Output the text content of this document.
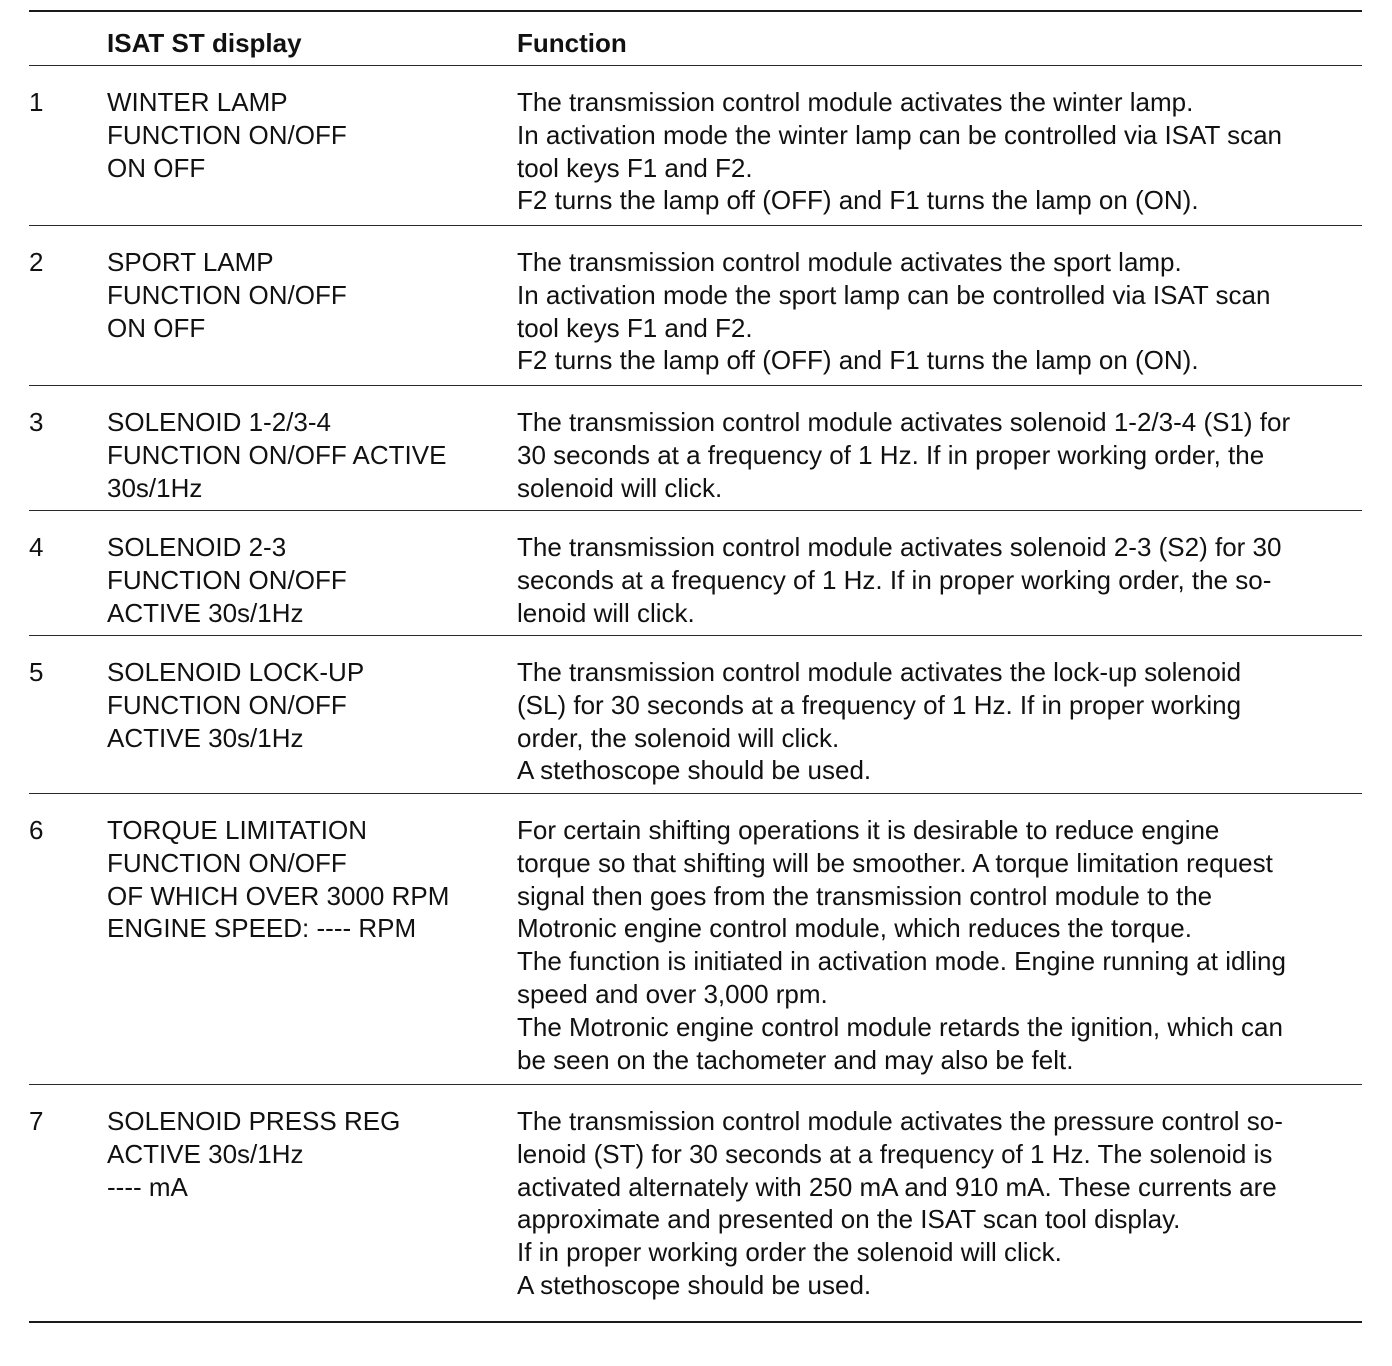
ISAT ST display	Function
1 WINTER LAMP
FUNCTION ON/OFF
ON OFF
The transmission control module activates the winter lamp.
In activation mode the winter lamp can be controlled via ISAT scan
tool keys F1 and F2.
F2 turns the lamp off (OFF) and F1 turns the lamp on (ON).
2 SPORT LAMP
FUNCTION ON/OFF
ON OFF
The transmission control module activates the sport lamp.
In activation mode the sport lamp can be controlled via ISAT scan
tool keys F1 and F2.
F2 turns the lamp off (OFF) and F1 turns the lamp on (ON).
3 SOLENOID 1-2/3-4
FUNCTION ON/OFF ACTIVE
30s/1Hz
The transmission control module activates solenoid 1-2/3-4 (S1) for
30 seconds at a frequency of 1 Hz. If in proper working order, the
solenoid will click.
4 SOLENOID 2-3
FUNCTION ON/OFF
ACTIVE 30s/1Hz
The transmission control module activates solenoid 2-3 (S2) for 30
seconds at a frequency of 1 Hz. If in proper working order, the so-
lenoid will click.
5 SOLENOID LOCK-UP
FUNCTION ON/OFF
ACTIVE 30s/1Hz
The transmission control module activates the lock-up solenoid
(SL) for 30 seconds at a frequency of 1 Hz. If in proper working
order, the solenoid will click.
A stethoscope should be used.
6 TORQUE LIMITATION
FUNCTION ON/OFF
OF WHICH OVER 3000 RPM
ENGINE SPEED: ---- RPM
For certain shifting operations it is desirable to reduce engine
torque so that shifting will be smoother. A torque limitation request
signal then goes from the transmission control module to the
Motronic engine control module, which reduces the torque.
The function is initiated in activation mode. Engine running at idling
speed and over 3,000 rpm.
The Motronic engine control module retards the ignition, which can
be seen on the tachometer and may also be felt.
7 SOLENOID PRESS REG
ACTIVE 30s/1Hz
---- mA
The transmission control module activates the pressure control so-
lenoid (ST) for 30 seconds at a frequency of 1 Hz. The solenoid is
activated alternately with 250 mA and 910 mA. These currents are
approximate and presented on the ISAT scan tool display.
If in proper working order the solenoid will click.
A stethoscope should be used.
